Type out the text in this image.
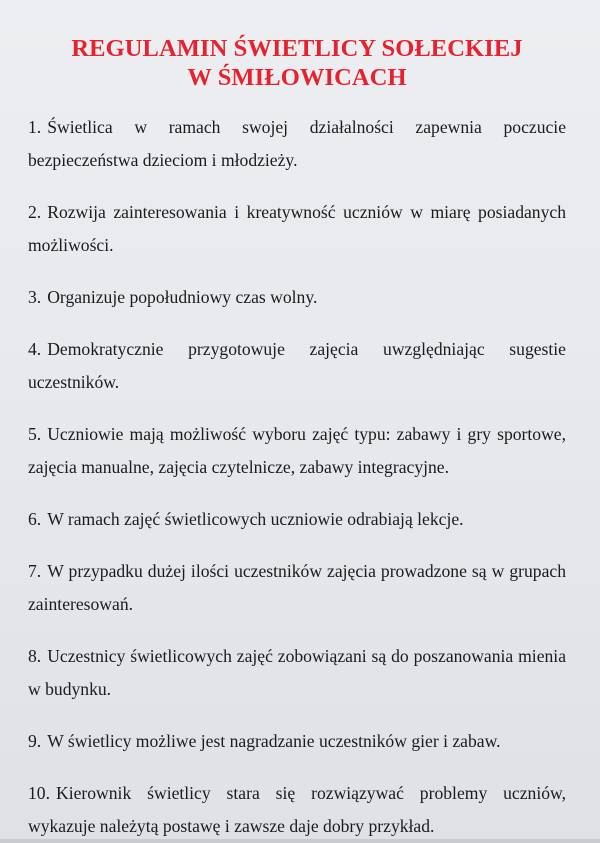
REGULAMIN ŚWIETLICY SOŁECKIEJ
W ŚMIŁOWICACH
1. Świetlica w ramach swojej działalności zapewnia poczucie bezpieczeństwa dzieciom i młodzieży.
2. Rozwija zainteresowania i kreatywność uczniów w miarę posiadanych możliwości.
3. Organizuje popołudniowy czas wolny.
4. Demokratycznie przygotowuje zajęcia uwzględniając sugestie uczestników.
5. Uczniowie mają możliwość wyboru zajęć typu: zabawy i gry sportowe, zajęcia manualne, zajęcia czytelnicze, zabawy integracyjne.
6. W ramach zajęć świetlicowych uczniowie odrabiają lekcje.
7. W przypadku dużej ilości uczestników zajęcia prowadzone są w grupach zainteresowań.
8. Uczestnicy świetlicowych zajęć zobowiązani są do poszanowania mienia w budynku.
9. W świetlicy możliwe jest nagradzanie uczestników gier i zabaw.
10. Kierownik świetlicy stara się rozwiązywać problemy uczniów, wykazuje należytą postawę i zawsze daje dobry przykład.
